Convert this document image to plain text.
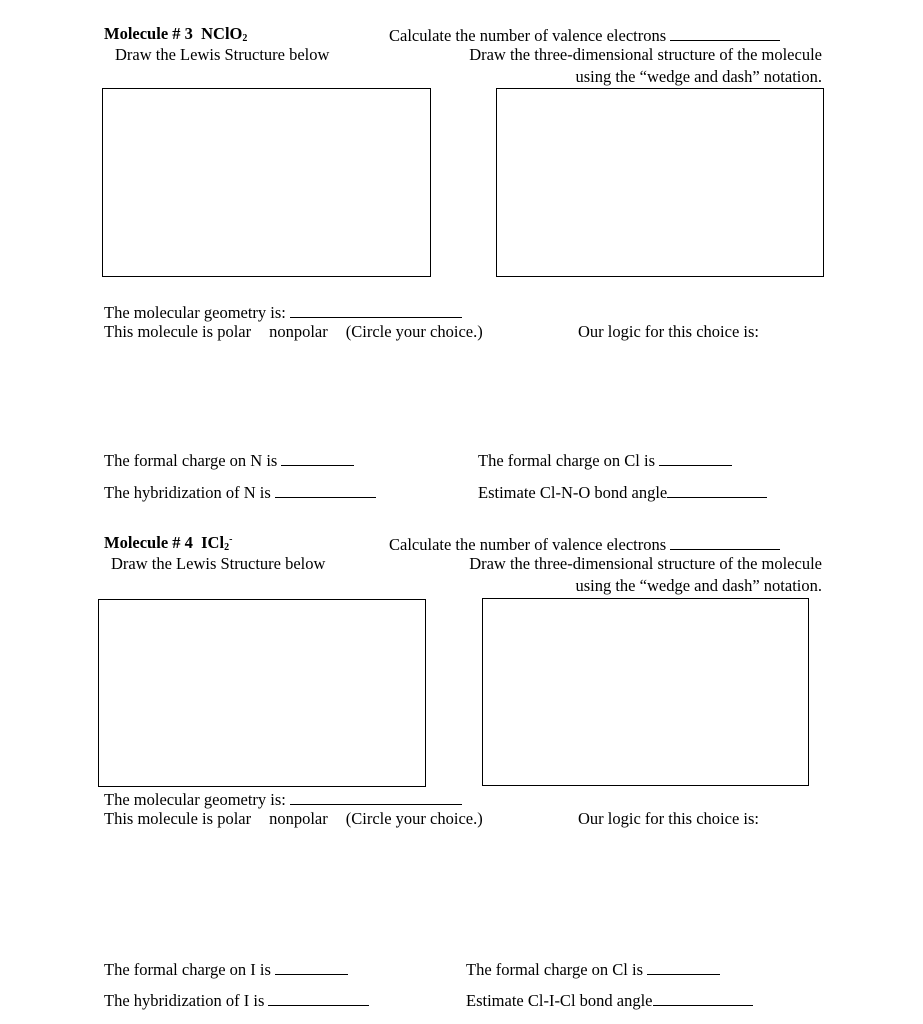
Molecule # 3 NClO$_2$
Draw the Lewis Structure below
Calculate the number of valence electrons
Draw the three-dimensional structure of the molecule
using the “wedge and dash” notation.
The molecular geometry is:
This molecule is polar nonpolar (Circle your choice.)	Our logic for this choice is:
The formal charge on N is	The formal charge on Cl is
The hybridization of N is	Estimate Cl-N-O bond angle
Molecule # 4 ICl$_2$-
Draw the Lewis Structure below
Calculate the number of valence electrons
Draw the three-dimensional structure of the molecule
using the “wedge and dash” notation.
The molecular geometry is:
This molecule is polar nonpolar (Circle your choice.)	Our logic for this choice is:
The formal charge on I is	The formal charge on Cl is
The hybridization of I is	Estimate Cl-I-Cl bond angle
